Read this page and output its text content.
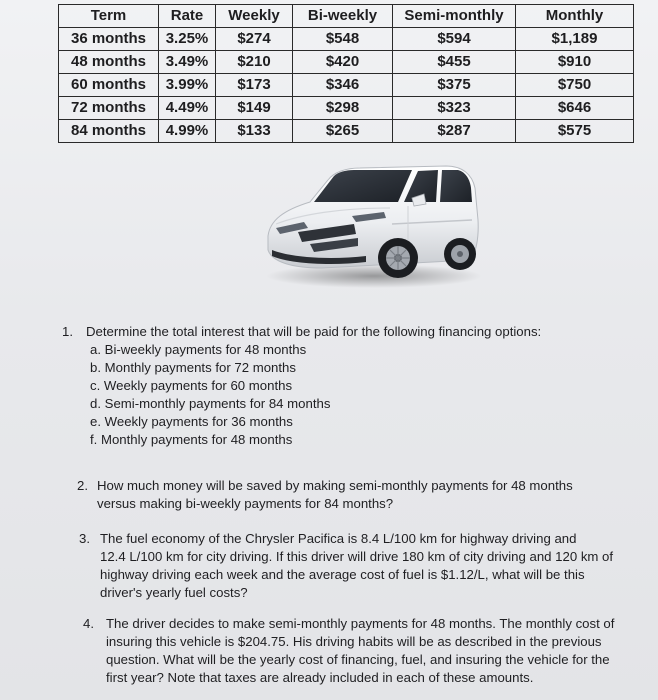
Term	Rate	Weekly	Bi-weekly	Semi-monthly	Monthly
36 months	3.25%	$274	$548	$594	$1,189
48 months	3.49%	$210	$420	$455	$910
60 months	3.99%	$173	$346	$375	$750
72 months	4.49%	$149	$298	$323	$646
84 months	4.99%	$133	$265	$287	$575
1. Determine the total interest that will be paid for the following financing options:
a. Bi-weekly payments for 48 months
b. Monthly payments for 72 months
c. Weekly payments for 60 months
d. Semi-monthly payments for 84 months
e. Weekly payments for 36 months
f. Monthly payments for 48 months
2. How much money will be saved by making semi-monthly payments for 48 months
versus making bi-weekly payments for 84 months?
3. The fuel economy of the Chrysler Pacifica is 8.4 L/100 km for highway driving and
12.4 L/100 km for city driving. If this driver will drive 180 km of city driving and 120 km of
highway driving each week and the average cost of fuel is $1.12/L, what will be this
driver's yearly fuel costs?
4. The driver decides to make semi-monthly payments for 48 months. The monthly cost of
insuring this vehicle is $204.75. His driving habits will be as described in the previous
question. What will be the yearly cost of financing, fuel, and insuring the vehicle for the
first year? Note that taxes are already included in each of these amounts.
